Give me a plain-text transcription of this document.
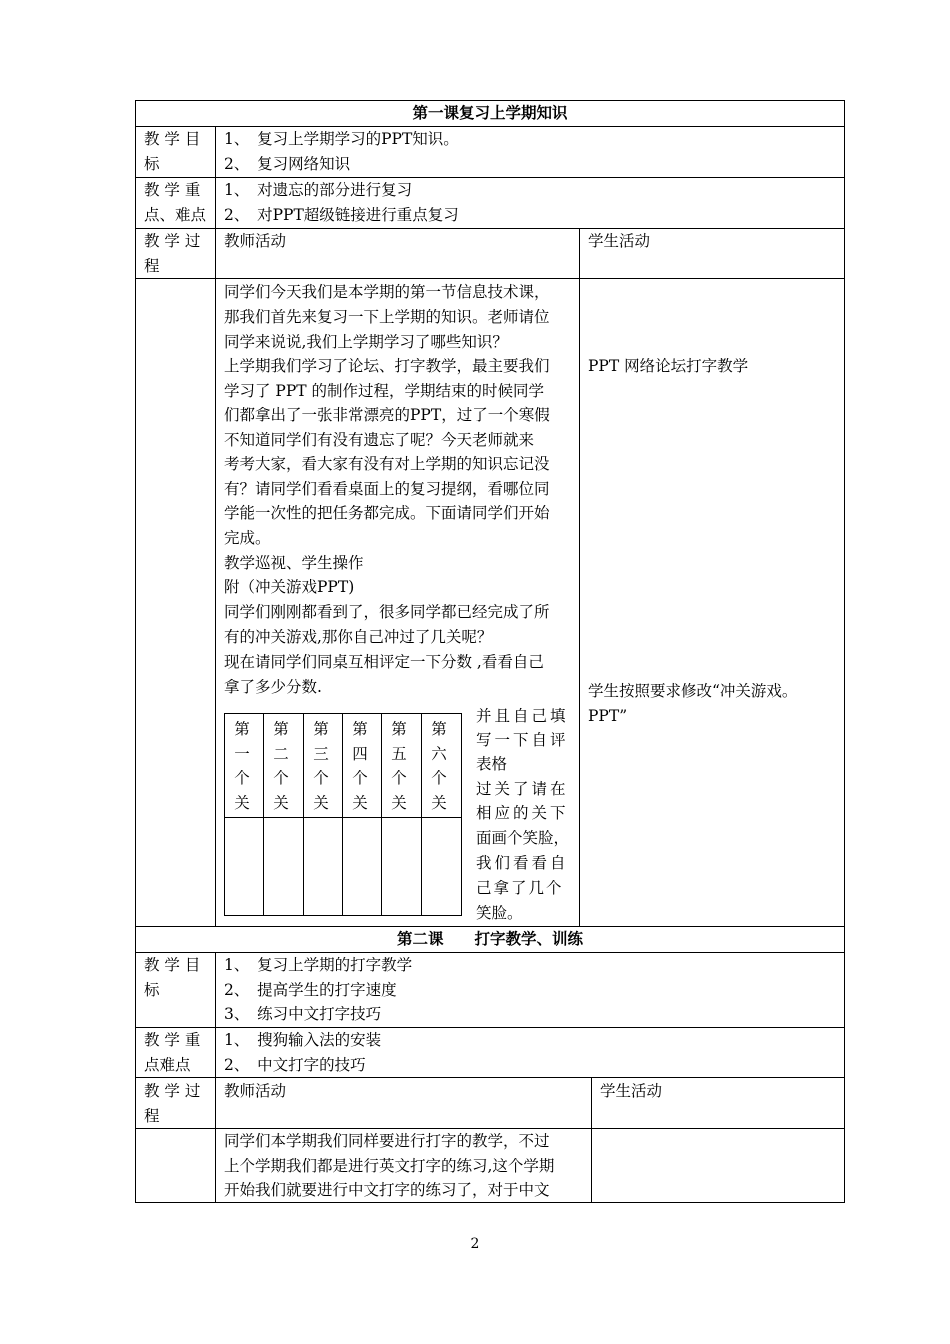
第一课复习上学期知识
教 学 目
标
1、　复习上学期学习的PPT知识。
2、　复习网络知识
教 学 重
点、难点
1、　对遗忘的部分进行复习
2、　对PPT超级链接进行重点复习
教 学 过
程
教师活动	学生活动
同学们今天我们是本学期的第一节信息技术课，
那我们首先来复习一下上学期的知识。老师请位
同学来说说,我们上学期学习了哪些知识？
上学期我们学习了论坛、打字教学，最主要我们
学习了 PPT 的制作过程，学期结束的时候同学
们都拿出了一张非常漂亮的PPT，过了一个寒假
不知道同学们有没有遗忘了呢？今天老师就来
考考大家，看大家有没有对上学期的知识忘记没
有？请同学们看看桌面上的复习提纲，看哪位同
学能一次性的把任务都完成。下面请同学们开始
完成。
教学巡视、学生操作
附（冲关游戏PPT)
同学们刚刚都看到了，很多同学都已经完成了所
有的冲关游戏,那你自己冲过了几关呢？
现在请同学们同桌互相评定一下分数 ,看看自己
拿了多少分数.
PPT 网络论坛打字教学
学生按照要求修改“冲关游戏。
PPT”
第
一
个
关
第
二
个
关
第
三
个
关
第
四
个
关
第
五
个
关
第
六
个
关
并且自己填
写一下自评
表格
过关了请在
相应的关下
面画个笑脸，
我们看看自
己拿了几个
笑脸。
第二课　　打字教学、训练
教 学 目
标
1、　复习上学期的打字教学
2、　提高学生的打字速度
3、　练习中文打字技巧
教 学 重
点难点
1、　搜狗输入法的安装
2、　中文打字的技巧
教 学 过
程
教师活动	学生活动
同学们本学期我们同样要进行打字的教学，不过
上个学期我们都是进行英文打字的练习,这个学期
开始我们就要进行中文打字的练习了，对于中文
2
